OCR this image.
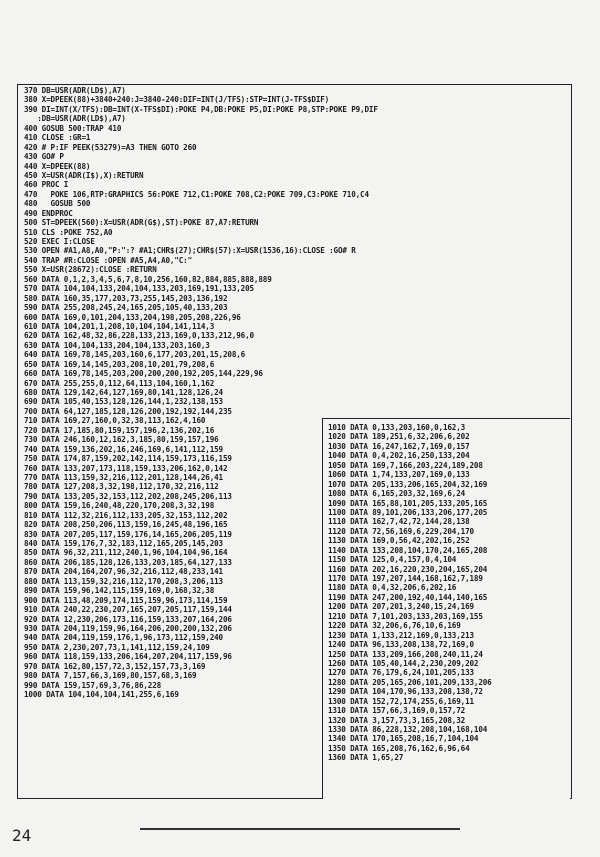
370 DB=USR(ADR(LD$),A7)
380 X=DPEEK(88)+3840+240:J=3840-240:DIF=INT(J/TFS):STP=INT(J-TFS$DIF)
390 DI=INT(X/TFS):DB=INT(X-TFS$DI):POKE P4,DB:POKE P5,DI:POKE P8,STP:POKE P9,DIF
:DB=USR(ADR(LD$),A7)
400 GOSUB 500:TRAP 410
410 CLOSE :GR=1
420 # P:IF PEEK(53279)=A3 THEN GOTO 260
430 GO# P
440 X=DPEEK(88)
450 X=USR(ADR(I$),X):RETURN
460 PROC I
470   POKE 106,RTP:GRAPHICS 56:POKE 712,C1:POKE 708,C2:POKE 709,C3:POKE 710,C4
480   GOSUB 500
490 ENDPROC
500 ST=DPEEK(560):X=USR(ADR(G$),ST):POKE 87,A7:RETURN
510 CLS :POKE 752,A0
520 EXEC I:CLOSE
530 OPEN #A1,A8,A0,"P:":? #A1;CHR$(27);CHR$(57):X=USR(1536,16):CLOSE :GO# R
540 TRAP #R:CLOSE :OPEN #A5,A4,A0,"C:"
550 X=USR(28672):CLOSE :RETURN
560 DATA 0,1,2,3,4,5,6,7,8,10,256,160,82,884,885,888,889
570 DATA 104,104,133,204,104,133,203,169,191,133,205
580 DATA 160,35,177,203,73,255,145,203,136,192
590 DATA 255,208,245,24,165,205,105,40,133,203
600 DATA 169,0,101,204,133,204,198,205,208,226,96
610 DATA 104,201,1,208,10,104,104,141,114,3
620 DATA 162,48,32,86,228,133,213,169,0,133,212,96,0
630 DATA 104,104,133,204,104,133,203,160,3
640 DATA 169,78,145,203,160,6,177,203,201,15,208,6
650 DATA 169,14,145,203,208,10,201,79,208,6
660 DATA 169,78,145,203,200,200,200,192,205,144,229,96
670 DATA 255,255,0,112,64,113,104,160,1,162
680 DATA 129,142,64,127,169,80,141,128,126,24
690 DATA 105,40,153,128,126,144,1,232,138,153
700 DATA 64,127,185,128,126,200,192,192,144,235
710 DATA 169,27,160,0,32,38,113,162,4,160
720 DATA 17,185,80,159,157,196,2,136,202,16
730 DATA 246,160,12,162,3,185,80,159,157,196
740 DATA 159,136,202,16,246,169,6,141,112,159
750 DATA 174,87,159,202,142,114,159,173,116,159
760 DATA 133,207,173,118,159,133,206,162,0,142
770 DATA 113,159,32,216,112,201,128,144,26,41
780 DATA 127,208,3,32,198,112,170,32,216,112
790 DATA 133,205,32,153,112,202,208,245,206,113
800 DATA 159,16,240,48,220,170,208,3,32,198
810 DATA 112,32,216,112,133,205,32,153,112,202
820 DATA 208,250,206,113,159,16,245,48,196,165
830 DATA 207,205,117,159,176,14,165,206,205,119
840 DATA 159,176,7,32,183,112,165,205,145,203
850 DATA 96,32,211,112,240,1,96,104,104,96,164
860 DATA 206,185,128,126,133,203,185,64,127,133
870 DATA 204,164,207,96,32,216,112,48,233,141
880 DATA 113,159,32,216,112,170,208,3,206,113
890 DATA 159,96,142,115,159,169,0,168,32,38
900 DATA 113,48,209,174,115,159,96,173,114,159
910 DATA 240,22,230,207,165,207,205,117,159,144
920 DATA 12,230,206,173,116,159,133,207,164,206
930 DATA 204,119,159,96,164,206,200,200,132,206
940 DATA 204,119,159,176,1,96,173,112,159,240
950 DATA 2,230,207,73,1,141,112,159,24,109
960 DATA 118,159,133,206,164,207,204,117,159,96
970 DATA 162,80,157,72,3,152,157,73,3,169
980 DATA 7,157,66,3,169,80,157,68,3,169
990 DATA 159,157,69,3,76,86,228
1000 DATA 104,104,104,141,255,6,169
1010 DATA 0,133,203,160,0,162,3
1020 DATA 189,251,6,32,206,6,202
1030 DATA 16,247,162,7,169,0,157
1040 DATA 0,4,202,16,250,133,204
1050 DATA 169,7,166,203,224,189,208
1060 DATA 1,74,133,207,169,0,133
1070 DATA 205,133,206,165,204,32,169
1080 DATA 6,165,203,32,169,6,24
1090 DATA 165,88,101,205,133,205,165
1100 DATA 89,101,206,133,206,177,205
1110 DATA 162,7,42,72,144,28,138
1120 DATA 72,56,169,6,229,204,170
1130 DATA 169,0,56,42,202,16,252
1140 DATA 133,208,104,170,24,165,208
1150 DATA 125,0,4,157,0,4,104
1160 DATA 202,16,220,230,204,165,204
1170 DATA 197,207,144,168,162,7,189
1180 DATA 0,4,32,206,6,202,16
1190 DATA 247,200,192,40,144,140,165
1200 DATA 207,201,3,240,15,24,169
1210 DATA 7,101,203,133,203,169,155
1220 DATA 32,206,6,76,10,6,169
1230 DATA 1,133,212,169,0,133,213
1240 DATA 96,133,208,138,72,169,0
1250 DATA 133,209,166,208,240,11,24
1260 DATA 105,40,144,2,230,209,202
1270 DATA 76,179,6,24,101,205,133
1280 DATA 205,165,206,101,209,133,206
1290 DATA 104,170,96,133,208,138,72
1300 DATA 152,72,174,255,6,169,11
1310 DATA 157,66,3,169,0,157,72
1320 DATA 3,157,73,3,165,208,32
1330 DATA 86,228,132,208,104,168,104
1340 DATA 170,165,208,16,7,104,104
1350 DATA 165,208,76,162,6,96,64
1360 DATA 1,65,27
24
